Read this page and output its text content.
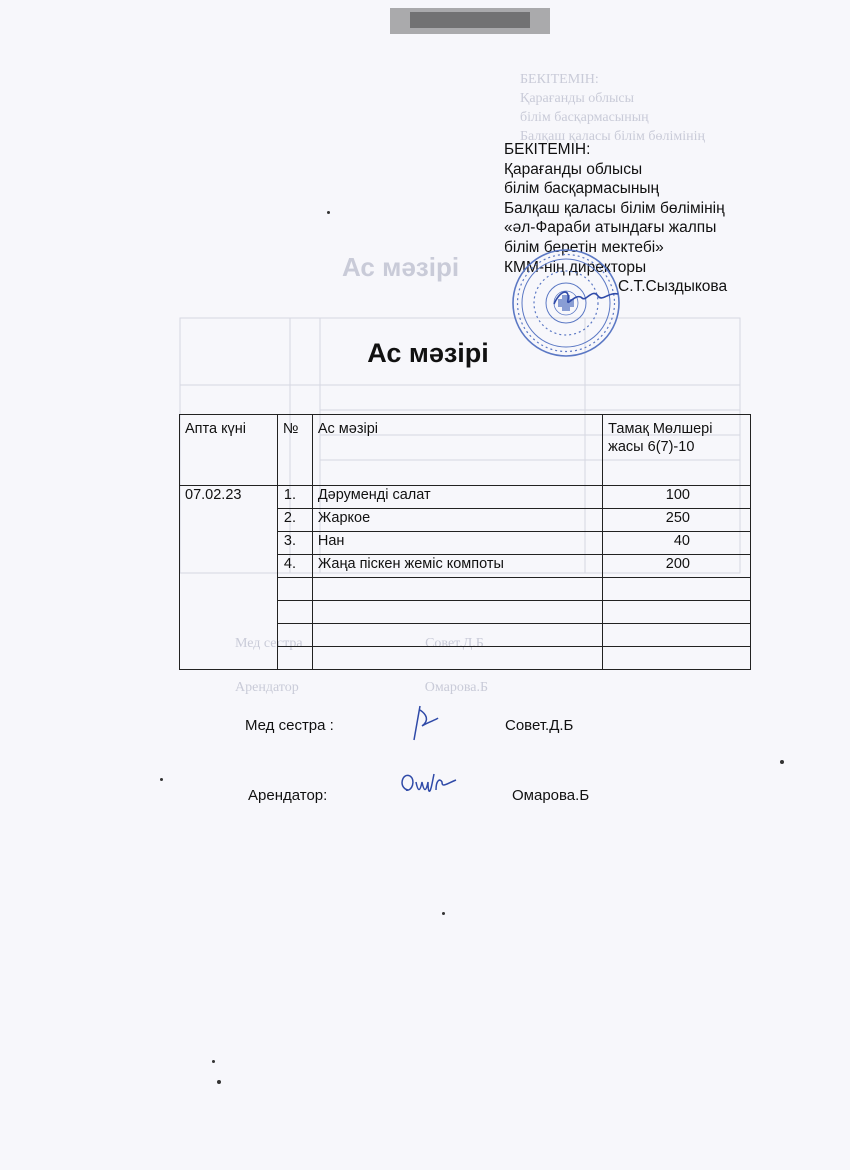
БЕКІТЕМІН:
Қарағанды облысы
білім басқармасының
Балқаш қаласы білім бөлімінің
Ас мәзірі
Мед сестра                                   Совет.Д.Б
Арендатор                                    Омарова.Б
БЕКІТЕМІН:
Қарағанды облысы
білім басқармасының
Балқаш қаласы білім бөлімінің
«әл-Фараби атындағы жалпы
білім беретін мектебі»
КММ-нің директоры
С.Т.Сыздыкова
Ас мәзірі
Апта күні	№	Ас мәзірі	Тамақ Мөлшері жасы 6(7)-10
07.02.23	1.	Дәруменді салат	100
	2.	Жаркое	250
	3.	Нан	40
	4.	Жаңа піскен жеміс компоты	200

Мед сестра :	Совет.Д.Б
Арендатор:	Омарова.Б
